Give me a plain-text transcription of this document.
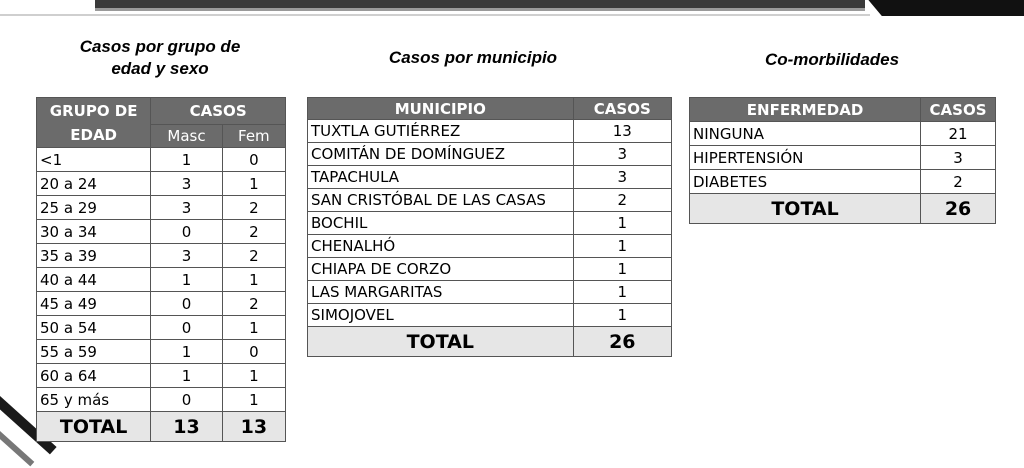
Casos por grupo de
edad y sexo
GRUPO DE EDAD	CASOS	
	Masc	Fem
<1	1	0
20 a 24	3	1
25 a 29	3	2
30 a 34	0	2
35 a 39	3	2
40 a 44	1	1
45 a 49	0	2
50 a 54	0	1
55 a 59	1	0
60 a 64	1	1
65 y más	0	1
TOTAL	13	13
Casos por municipio
MUNICIPIO	CASOS
TUXTLA GUTIÉRREZ	13
COMITÁN DE DOMÍNGUEZ	3
TAPACHULA	3
SAN CRISTÓBAL DE LAS CASAS	2
BOCHIL	1
CHENALHÓ	1
CHIAPA DE CORZO	1
LAS MARGARITAS	1
SIMOJOVEL	1
TOTAL	26
Co-morbilidades
ENFERMEDAD	CASOS
NINGUNA	21
HIPERTENSIÓN	3
DIABETES	2
TOTAL	26
